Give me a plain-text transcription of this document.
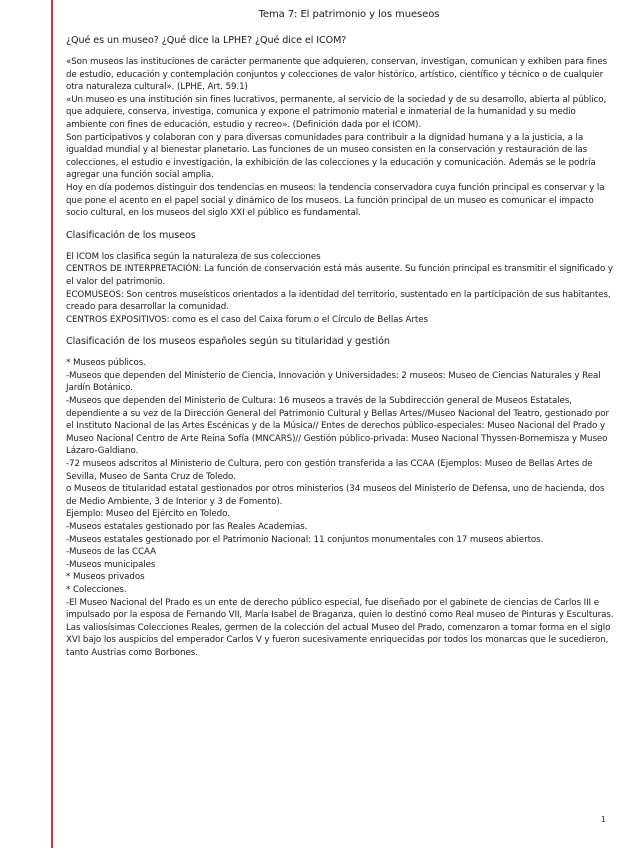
Tema 7: El patrimonio y los mueseos
¿Qué es un museo? ¿Qué dice la LPHE? ¿Qué dice el ICOM?

«Son museos las instituciones de carácter permanente que adquieren, conservan, investigan, comunican y exhiben para fines de estudio, educación y contemplación conjuntos y colecciones de valor histórico, artístico, científico y técnico o de cualquier otra naturaleza cultural». (LPHE, Art. 59.1)

«Un museo es una institución sin fines lucrativos, permanente, al servicio de la sociedad y de su desarrollo, abierta al público, que adquiere, conserva, investiga, comunica y expone el patrimonio material e inmaterial de la humanidad y su medio ambiente con fines de educación, estudio y recreo». (Definición dada por el ICOM).

Son participativos y colaboran con y para diversas comunidades para contribuir a la dignidad humana y a la justicia, a la igualdad mundial y al bienestar planetario. Las funciones de un museo consisten en la conservación y restauración de las colecciones, el estudio e investigación, la exhibición de las colecciones y la educación y comunicación. Además se le podría agregar una función social amplia.

Hoy en día podemos distinguir dos tendencias en museos: la tendencia conservadora cuya función principal es conservar y la que pone el acento en el papel social y dinámico de los museos. La función principal de un museo es comunicar el impacto socio cultural, en los museos del siglo XXI el público es fundamental.

Clasificación de los museos

El ICOM los clasifica según la naturaleza de sus colecciones

CENTROS DE INTERPRETACIÓN: La función de conservación está más ausente. Su función principal es transmitir el significado y el valor del patrimonio.

ECOMUSEOS: Son centros museísticos orientados a la identidad del territorio, sustentado en la participación de sus habitantes, creado para desarrollar la comunidad.

CENTROS EXPOSITIVOS: como es el caso del Caixa forum o el Círculo de Bellas Artes

Clasificación de los museos españoles según su titularidad y gestión

* Museos públicos.

-Museos que dependen del Ministerio de Ciencia, Innovación y Universidades: 2 museos: Museo de Ciencias Naturales y Real Jardín Botánico.

-Museos que dependen del Ministerio de Cultura: 16 museos a través de la Subdirección general de Museos Estatales, dependiente a su vez de la Dirección General del Patrimonio Cultural y Bellas Artes//Museo Nacional del Teatro, gestionado por el Instituto Nacional de las Artes Escénicas y de la Música// Entes de derechos público-especiales: Museo Nacional del Prado y Museo Nacional Centro de Arte Reina Sofía (MNCARS)// Gestión público-privada: Museo Nacional Thyssen-Bornemisza y Museo Lázaro-Galdiano.

-72 museos adscritos al Ministerio de Cultura, pero con gestión transferida a las CCAA (Ejemplos: Museo de Bellas Artes de Sevilla, Museo de Santa Cruz de Toledo.

o Museos de titularidad estatal gestionados por otros ministerios (34 museos del Ministerio de Defensa, uno de hacienda, dos de Medio Ambiente, 3 de Interior y 3 de Fomento).

Ejemplo: Museo del Ejército en Toledo.

-Museos estatales gestionado por las Reales Academias.

-Museos estatales gestionado por el Patrimonio Nacional: 11 conjuntos monumentales con 17 museos abiertos.

-Museos de las CCAA

-Museos municipales

* Museos privados

* Colecciones.

-El Museo Nacional del Prado es un ente de derecho público especial, fue diseñado por el gabinete de ciencias de Carlos III e impulsado por la esposa de Fernando VII, María Isabel de Braganza, quien lo destinó como Real museo de Pinturas y Esculturas. Las valiosísimas Colecciones Reales, germen de la colección del actual Museo del Prado, comenzaron a tomar forma en el siglo XVI bajo los auspicios del emperador Carlos V y fueron sucesivamente enriquecidas por todos los monarcas que le sucedieron, tanto Austrias como Borbones.

1
